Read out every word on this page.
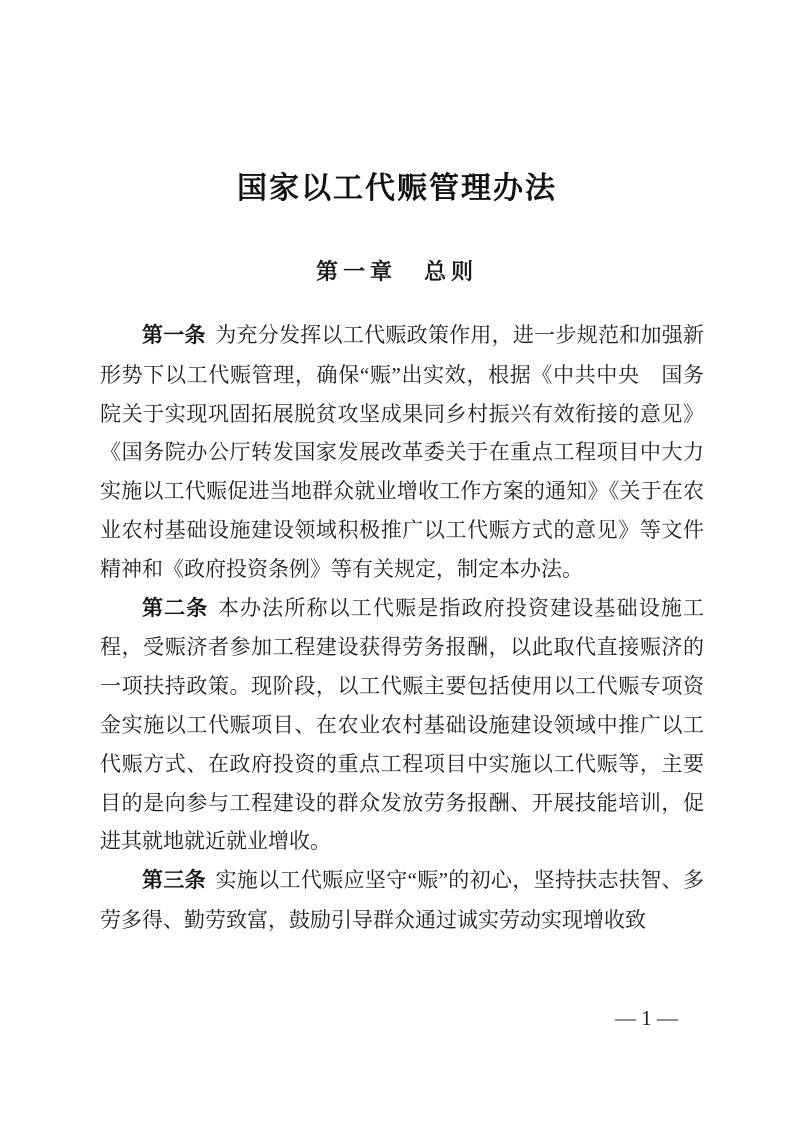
国家以工代赈管理办法
第一章　总则

第一条 为充分发挥以工代赈政策作用，进一步规范和加强新形势下以工代赈管理，确保“赈”出实效，根据《中共中央　国务院关于实现巩固拓展脱贫攻坚成果同乡村振兴有效衔接的意见》《国务院办公厅转发国家发展改革委关于在重点工程项目中大力实施以工代赈促进当地群众就业增收工作方案的通知》《关于在农业农村基础设施建设领域积极推广以工代赈方式的意见》等文件精神和《政府投资条例》等有关规定，制定本办法。

第二条 本办法所称以工代赈是指政府投资建设基础设施工程，受赈济者参加工程建设获得劳务报酬，以此取代直接赈济的一项扶持政策。现阶段，以工代赈主要包括使用以工代赈专项资金实施以工代赈项目、在农业农村基础设施建设领域中推广以工代赈方式、在政府投资的重点工程项目中实施以工代赈等，主要目的是向参与工程建设的群众发放劳务报酬、开展技能培训，促进其就地就近就业增收。

第三条 实施以工代赈应坚守“赈”的初心，坚持扶志扶智、多劳多得、勤劳致富，鼓励引导群众通过诚实劳动实现增收致

— 1 —
